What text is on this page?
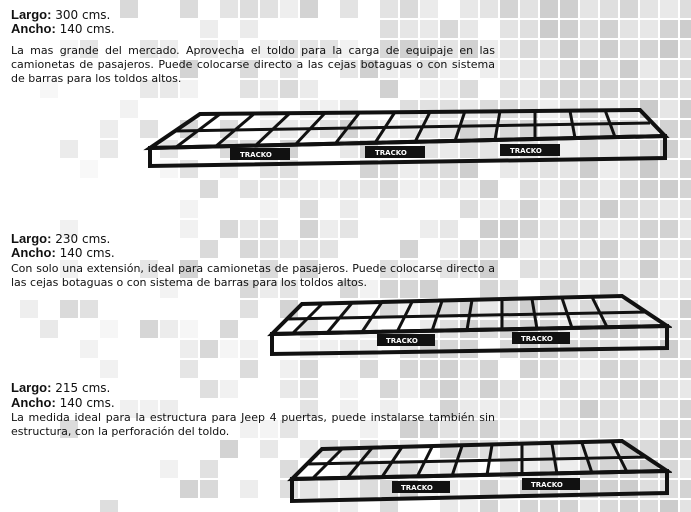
Largo: 300 cms.
Ancho: 140 cms.
La mas grande del mercado. Aprovecha el toldo para la carga de equipaje en las camionetas de pasajeros. Puede colocarse directo a las cejas botaguas o con sistema de barras para los toldos altos.
TRACKO	TRACKO	TRACKO
Largo: 230 cms.
Ancho: 140 cms.
Con solo una extensión, ideal para camionetas de pasajeros. Puede colocarse directo a las cejas botaguas o con sistema de barras para los toldos altos.
TRACKO	TRACKO
Largo: 215 cms.
Ancho: 140 cms.
La medida ideal para la estructura para Jeep 4 puertas, puede instalarse también sin estructura, con la perforación del toldo.
TRACKO	TRACKO
